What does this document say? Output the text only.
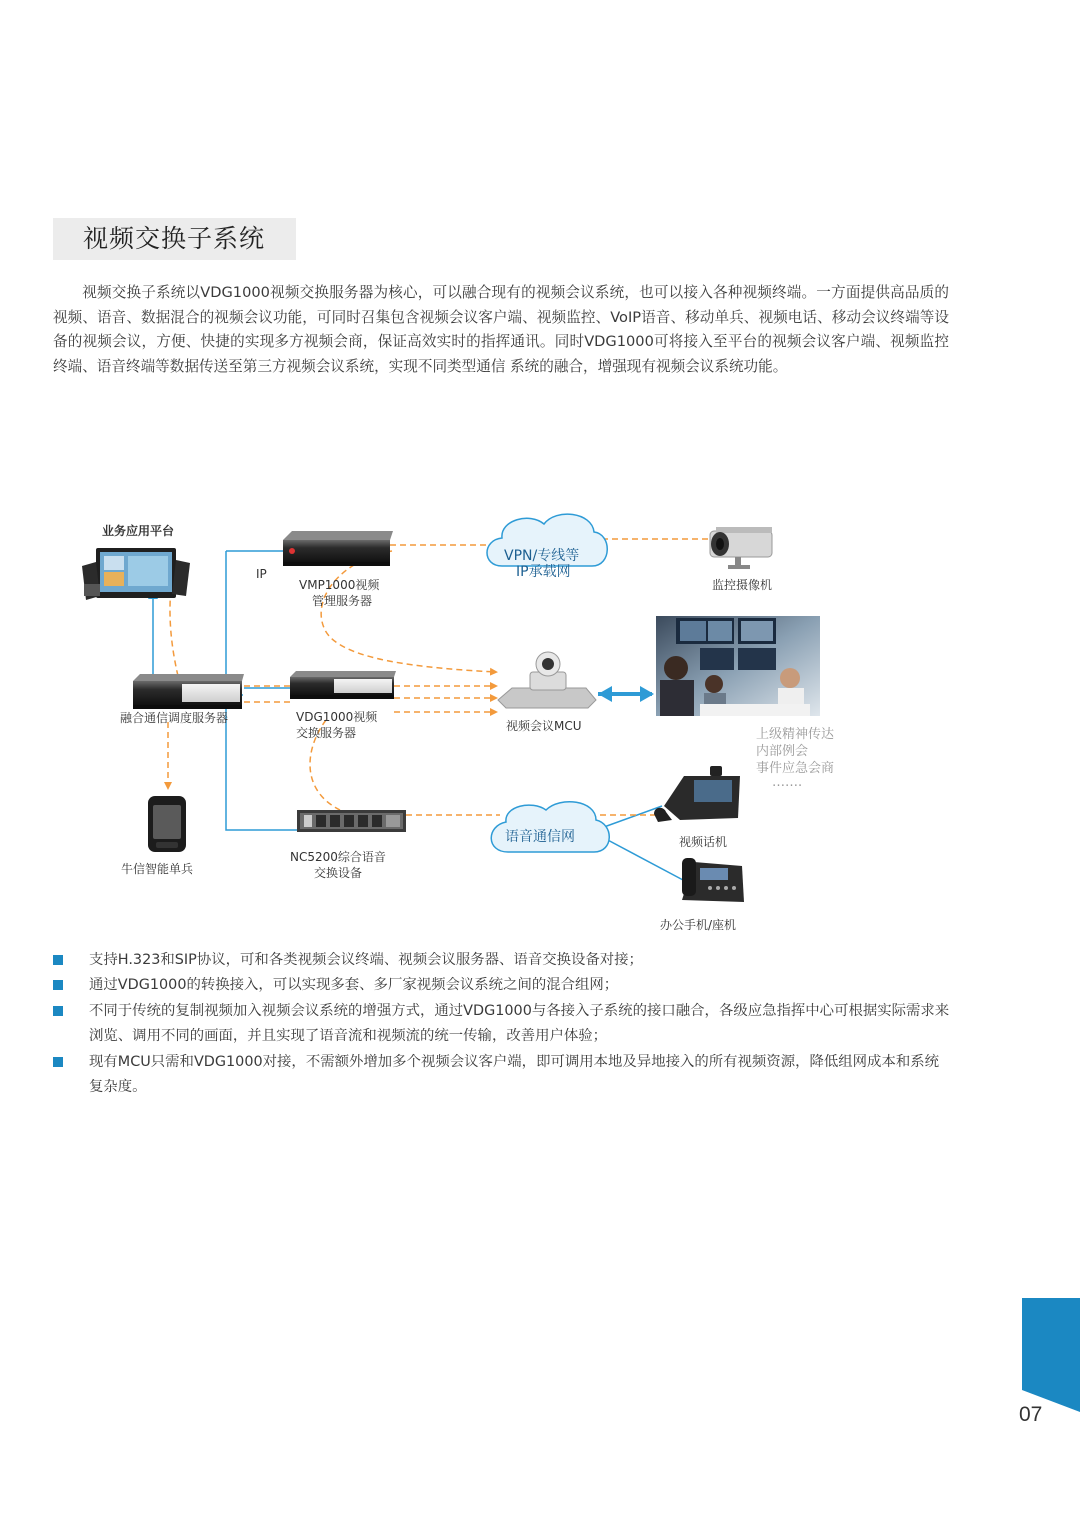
视频交换子系统

视频交换子系统以VDG1000视频交换服务器为核心，可以融合现有的视频会议系统，也可以接入各种视频终端。一方面提供高品质的视频、语音、数据混合的视频会议功能，可同时召集包含视频会议客户端、视频监控、VoIP语音、移动单兵、视频电话、移动会议终端等设备的视频会议，方便、快捷的实现多方视频会商，保证高效实时的指挥通讯。同时VDG1000可将接入至平台的视频会议客户端、视频监控终端、语音终端等数据传送至第三方视频会议系统，实现不同类型通信 系统的融合，增强现有视频会议系统功能。

业务应用平台
IP
VMP1000视频
管理服务器
VPN/专线等
IP承载网
监控摄像机
融合通信调度服务器	VDG1000视频
交换服务器	视频会议MCU
上级精神传达
内部例会
事件应急会商
…….
牛信智能单兵
NC5200综合语音
交换设备
语音通信网	视频话机
办公手机/座机
支持H.323和SIP协议，可和各类视频会议终端、视频会议服务器、语音交换设备对接；
通过VDG1000的转换接入，可以实现多套、多厂家视频会议系统之间的混合组网；
不同于传统的复制视频加入视频会议系统的增强方式，通过VDG1000与各接入子系统的接口融合，各级应急指挥中心可根据实际需求来浏览、调用不同的画面，并且实现了语音流和视频流的统一传输，改善用户体验；
现有MCU只需和VDG1000对接，不需额外增加多个视频会议客户端，即可调用本地及异地接入的所有视频资源，降低组网成本和系统复杂度。
07
